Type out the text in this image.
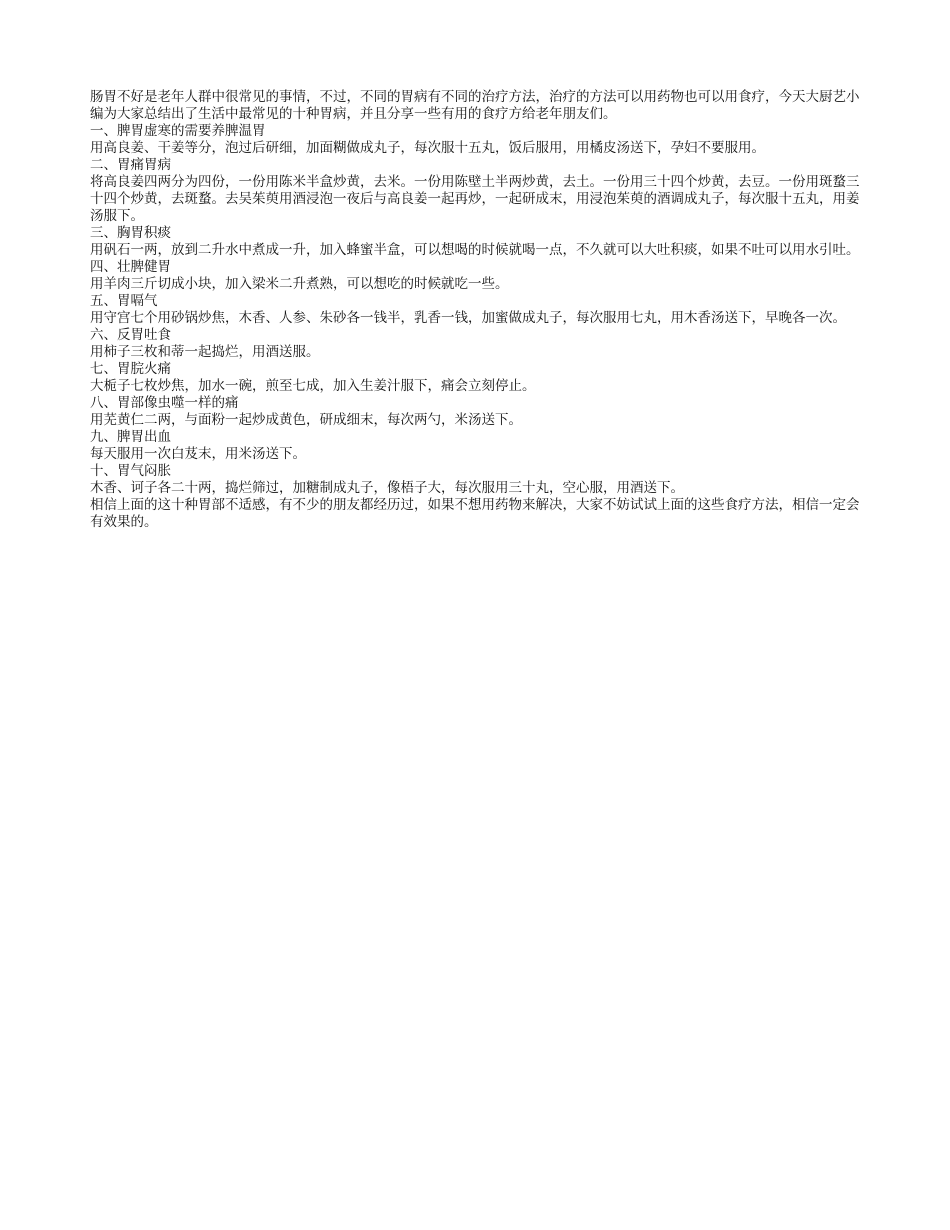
肠胃不好是老年人群中很常见的事情，不过，不同的胃病有不同的治疗方法，治疗的方法可以用药物也可以用食疗，今天大厨艺小编为大家总结出了生活中最常见的十种胃病，并且分享一些有用的食疗方给老年朋友们。

一、脾胃虚寒的需要养脾温胃

用高良姜、干姜等分，泡过后研细，加面糊做成丸子，每次服十五丸，饭后服用，用橘皮汤送下，孕妇不要服用。

二、胃痛胃病

将高良姜四两分为四份，一份用陈米半盒炒黄，去米。一份用陈壁土半两炒黄，去土。一份用三十四个炒黄，去豆。一份用斑蝥三十四个炒黄，去斑蝥。去吴茱萸用酒浸泡一夜后与高良姜一起再炒，一起研成末，用浸泡茱萸的酒调成丸子，每次服十五丸，用姜汤服下。

三、胸胃积痰

用矾石一两，放到二升水中煮成一升，加入蜂蜜半盒，可以想喝的时候就喝一点，不久就可以大吐积痰，如果不吐可以用水引吐。

四、壮脾健胃

用羊肉三斤切成小块，加入梁米二升煮熟，可以想吃的时候就吃一些。

五、胃嗝气

用守宫七个用砂锅炒焦，木香、人参、朱砂各一钱半，乳香一钱，加蜜做成丸子，每次服用七丸，用木香汤送下，早晚各一次。

六、反胃吐食

用柿子三枚和蒂一起捣烂，用酒送服。

七、胃脘火痛

大栀子七枚炒焦，加水一碗，煎至七成，加入生姜汁服下，痛会立刻停止。

八、胃部像虫噬一样的痛

用芜黄仁二两，与面粉一起炒成黄色，研成细末，每次两勺，米汤送下。

九、脾胃出血

每天服用一次白芨末，用米汤送下。

十、胃气闷胀

木香、诃子各二十两，捣烂筛过，加糖制成丸子，像梧子大，每次服用三十丸，空心服，用酒送下。

相信上面的这十种胃部不适感，有不少的朋友都经历过，如果不想用药物来解决，大家不妨试试上面的这些食疗方法，相信一定会有效果的。
